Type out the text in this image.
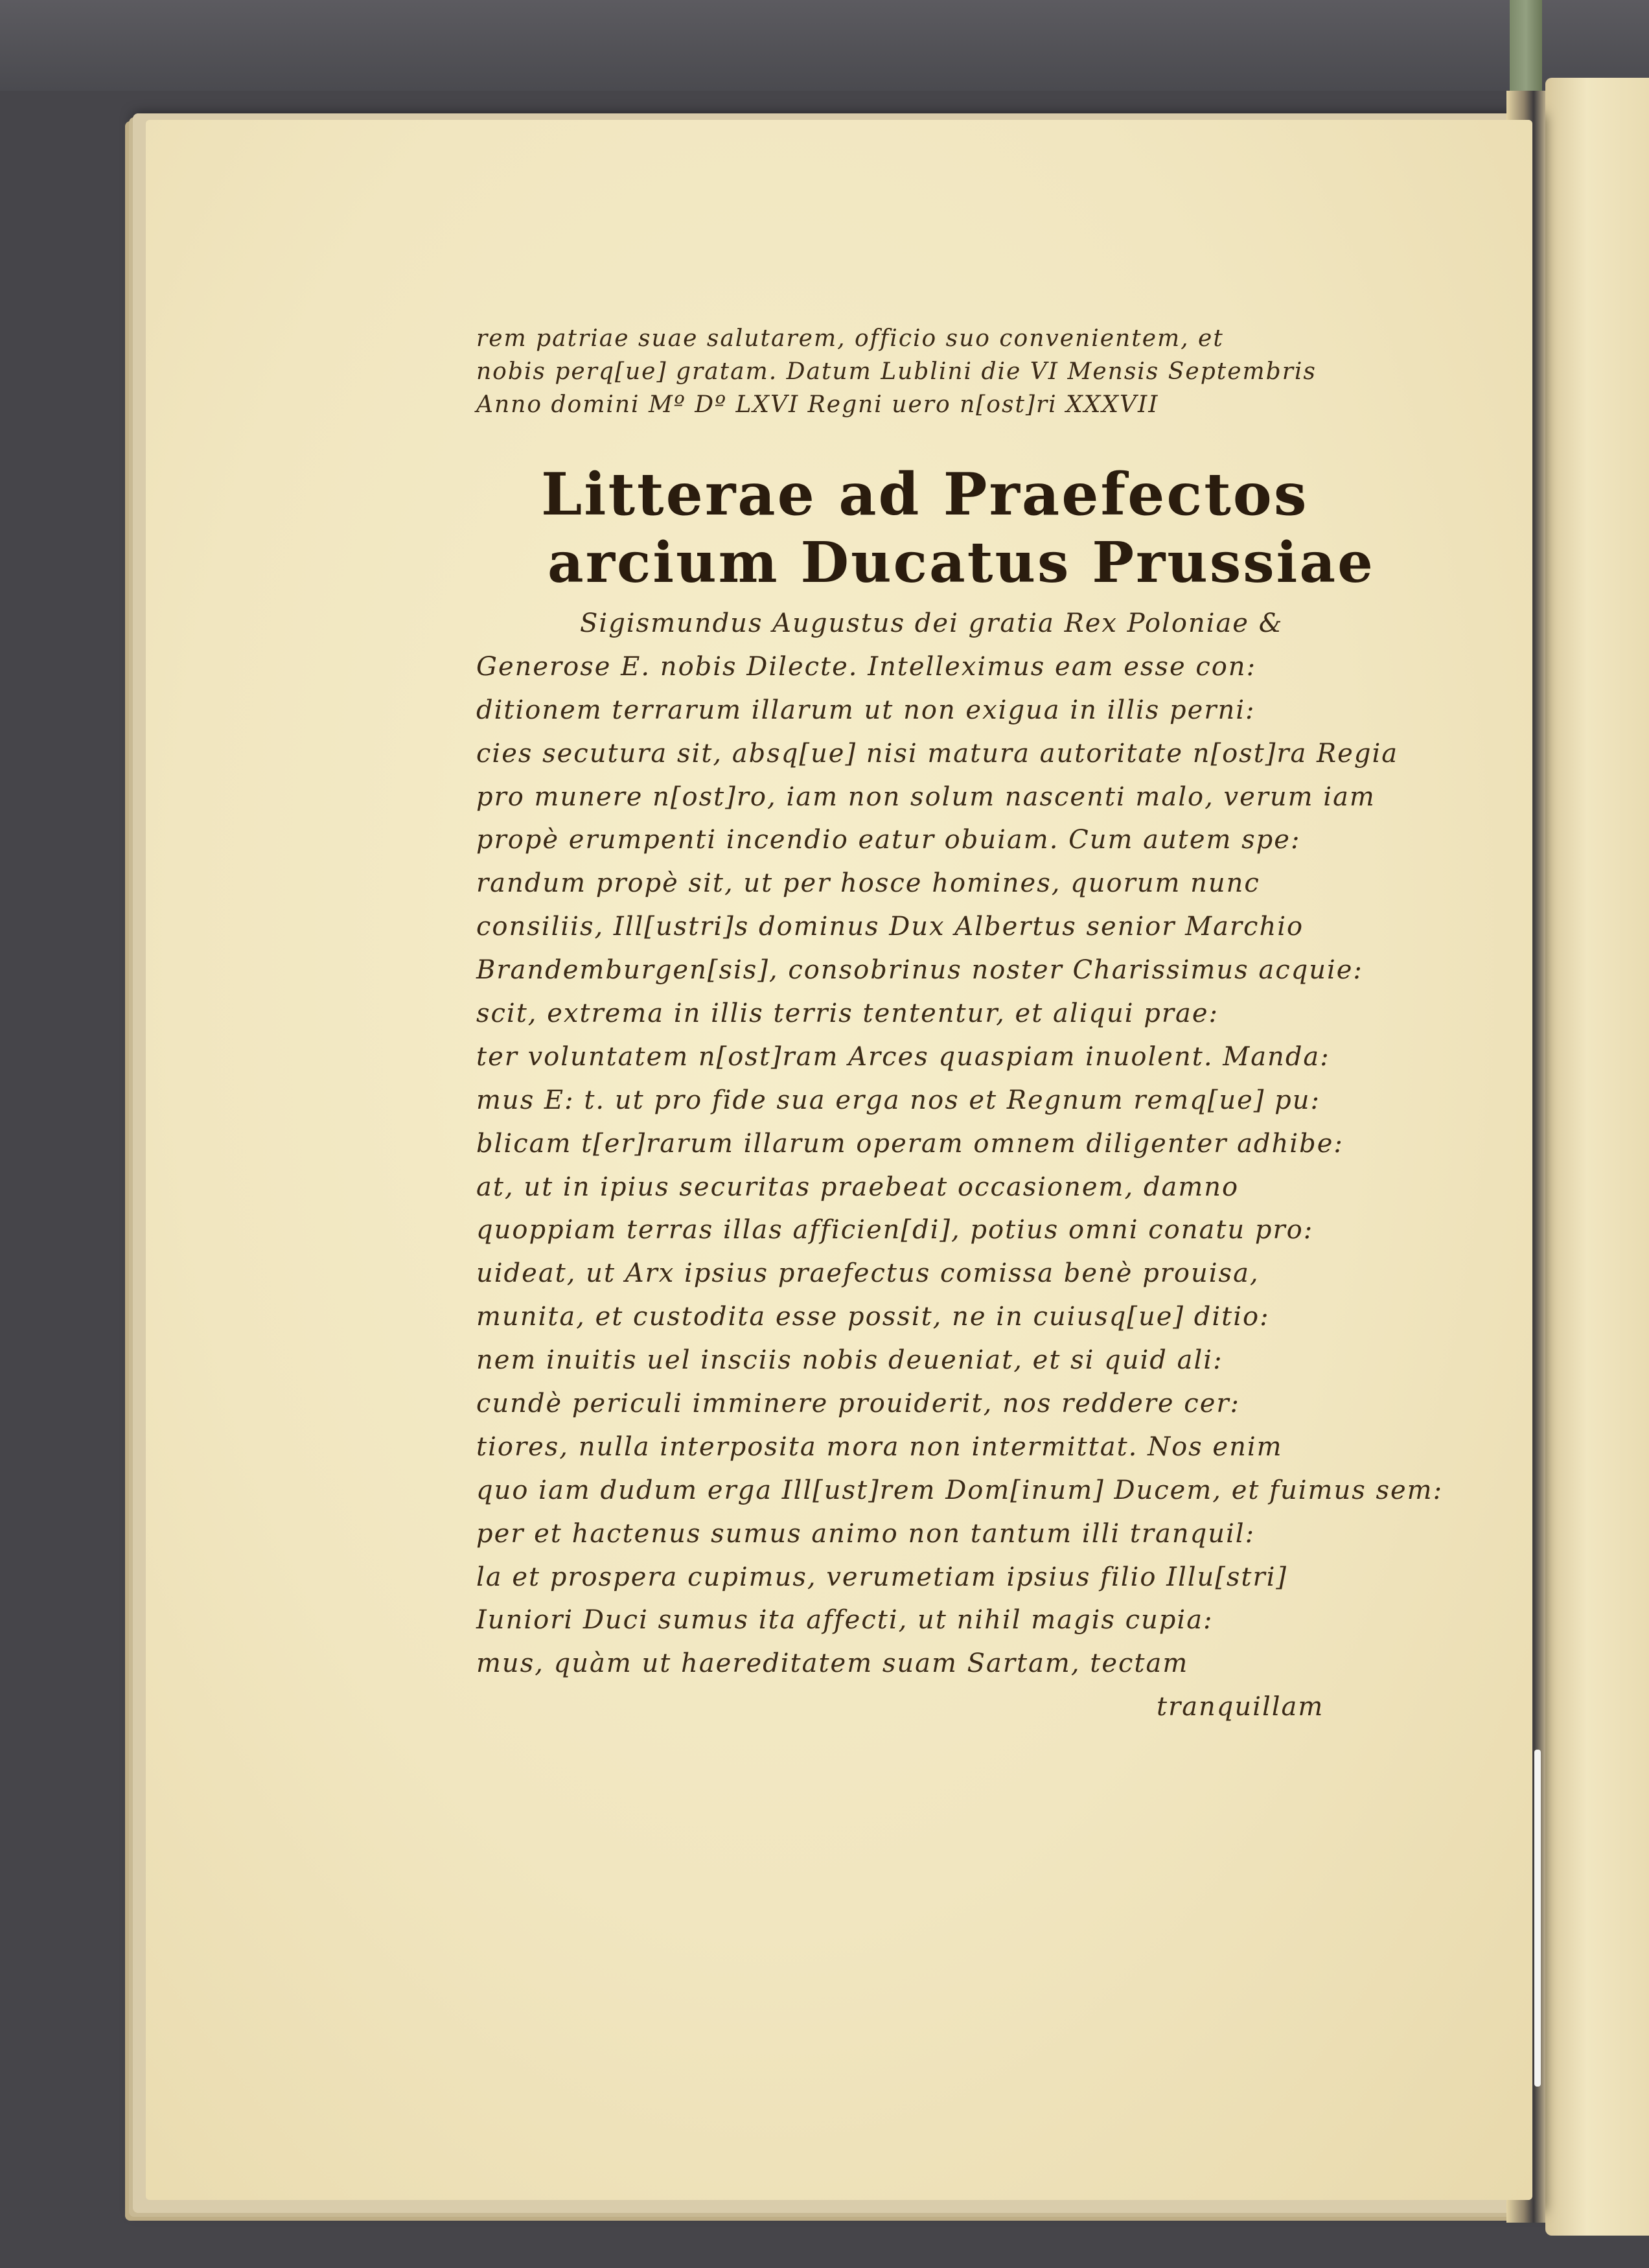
rem patriae suae salutarem, officio suo convenientem, et
nobis perq[ue] gratam. Datum Lublini die VI Mensis Septembris
Anno domini Mº Dº LXVI Regni uero n[ost]ri XXXVII
Litterae ad Praefectos
arcium Ducatus Prussiae
Sigismundus Augustus dei gratia Rex Poloniae &
Generose E. nobis Dilecte. Intelleximus eam esse con:
ditionem terrarum illarum ut non exigua in illis perni:
cies secutura sit, absq[ue] nisi matura autoritate n[ost]ra Regia
pro munere n[ost]ro, iam non solum nascenti malo, verum iam
propè erumpenti incendio eatur obuiam. Cum autem spe:
randum propè sit, ut per hosce homines, quorum nunc
consiliis, Ill[ustri]s dominus Dux Albertus senior Marchio
Brandemburgen[sis], consobrinus noster Charissimus acquie:
scit, extrema in illis terris tententur, et aliqui prae:
ter voluntatem n[ost]ram Arces quaspiam inuolent. Manda:
mus E: t. ut pro fide sua erga nos et Regnum remq[ue] pu:
blicam t[er]rarum illarum operam omnem diligenter adhibe:
at, ut in ipius securitas praebeat occasionem, damno
quoppiam terras illas afficien[di], potius omni conatu pro:
uideat, ut Arx ipsius praefectus comissa benè prouisa,
munita, et custodita esse possit, ne in cuiusq[ue] ditio:
nem inuitis uel insciis nobis deueniat, et si quid ali:
cundè periculi imminere prouiderit, nos reddere cer:
tiores, nulla interposita mora non intermittat. Nos enim
quo iam dudum erga Ill[ust]rem Dom[inum] Ducem, et fuimus sem:
per et hactenus sumus animo non tantum illi tranquil:
la et prospera cupimus, verumetiam ipsius filio Illu[stri]
Iuniori Duci sumus ita affecti, ut nihil magis cupia:
mus, quàm ut haereditatem suam Sartam, tectam
tranquillam
